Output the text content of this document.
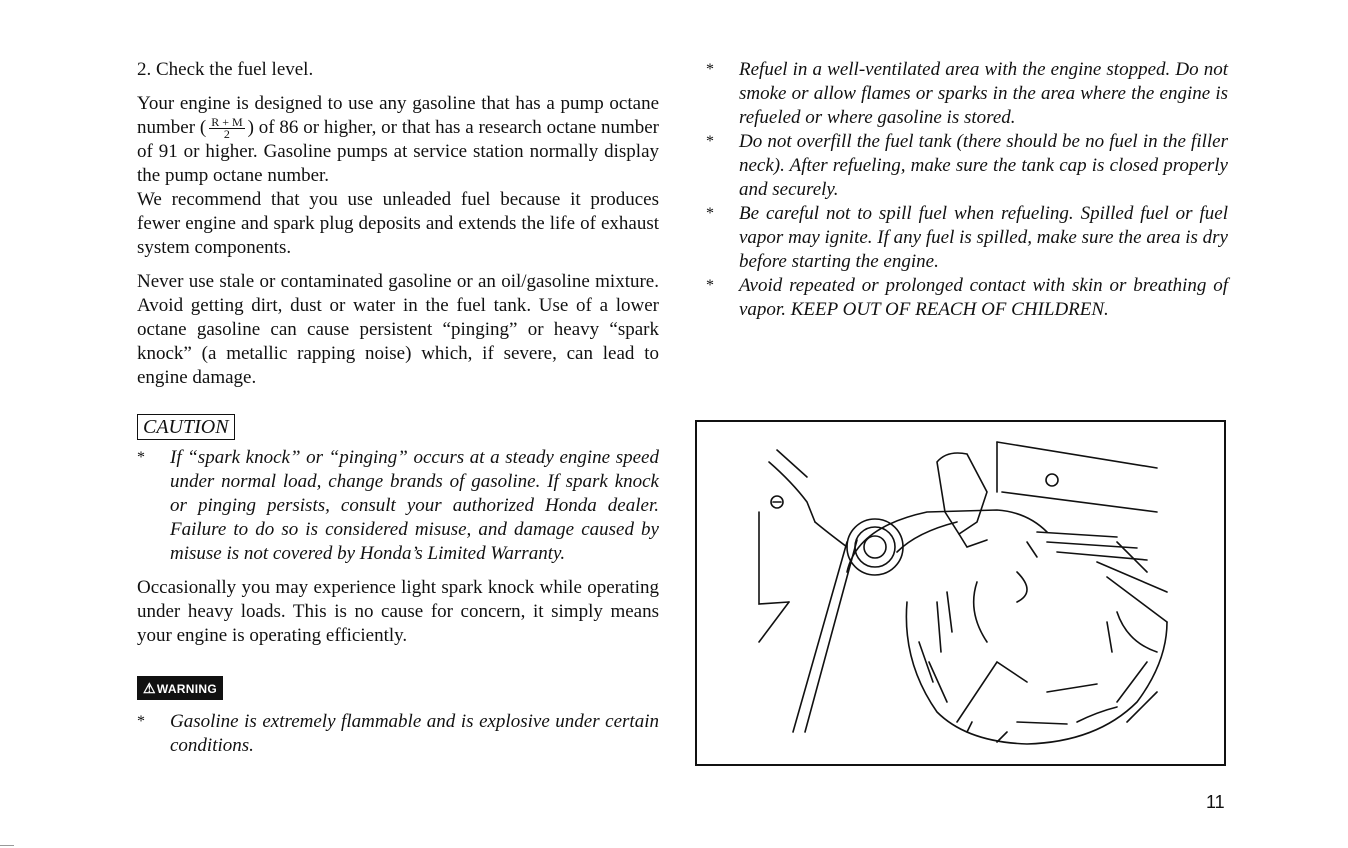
2. Check the fuel level.

Your engine is designed to use any gasoline that has a pump octane number ( $\frac{R + M}{2}$ ) of 86 or higher, or that has a research octane number of 91 or higher. Gasoline pumps at service station normally display the pump octane number.

We recommend that you use unleaded fuel because it produces fewer engine and spark plug deposits and extends the life of exhaust system components.

Never use stale or contaminated gasoline or an oil/gasoline mixture. Avoid getting dirt, dust or water in the fuel tank. Use of a lower octane gasoline can cause persistent “pinging” or heavy “spark knock” (a metallic rapping noise) which, if severe, can lead to engine damage.

CAUTION
* If “spark knock” or “pinging” occurs at a steady engine speed under normal load, change brands of gasoline. If spark knock or pinging persists, consult your authorized Honda dealer. Failure to do so is considered misuse, and damage caused by misuse is not covered by Honda’s Limited Warranty.

Occasionally you may experience light spark knock while operating under heavy loads. This is no cause for concern, it simply means your engine is operating efficiently.

⚠WARNING
* Gasoline is extremely flammable and is explosive under certain conditions.
* Refuel in a well-ventilated area with the engine stopped. Do not smoke or allow flames or sparks in the area where the engine is refueled or where gasoline is stored.
* Do not overfill the fuel tank (there should be no fuel in the filler neck). After refueling, make sure the tank cap is closed properly and securely.
* Be careful not to spill fuel when refueling. Spilled fuel or fuel vapor may ignite. If any fuel is spilled, make sure the area is dry before starting the engine.
* Avoid repeated or prolonged contact with skin or breathing of vapor. KEEP OUT OF REACH OF CHILDREN.
11
